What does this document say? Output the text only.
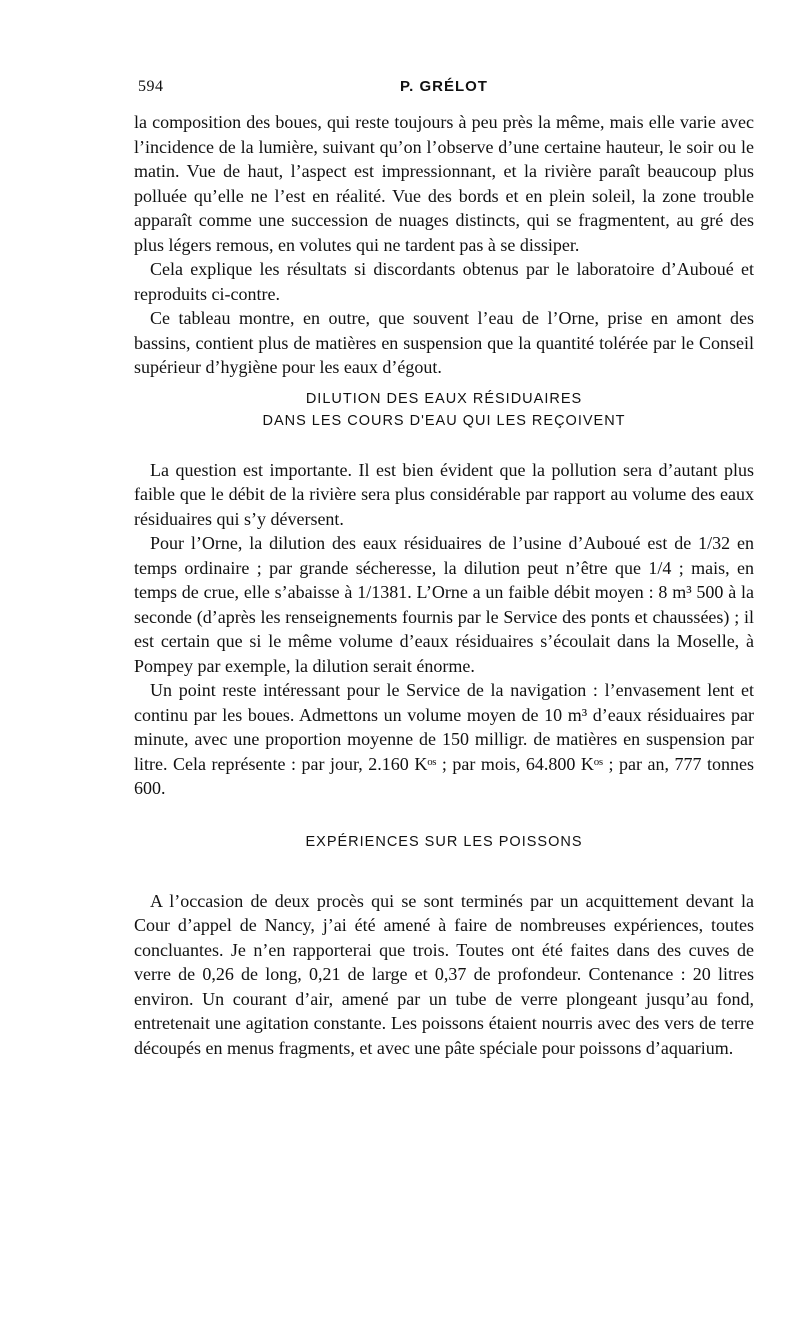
594	P. GRÉLOT

la composition des boues, qui reste toujours à peu près la même, mais elle varie avec l’incidence de la lumière, suivant qu’on l’observe d’une certaine hauteur, le soir ou le matin. Vue de haut, l’aspect est impressionnant, et la rivière paraît beaucoup plus polluée qu’elle ne l’est en réalité. Vue des bords et en plein soleil, la zone trouble apparaît comme une succession de nuages distincts, qui se fragmentent, au gré des plus légers remous, en volutes qui ne tardent pas à se dissiper.

Cela explique les résultats si discordants obtenus par le laboratoire d’Auboué et reproduits ci-contre.

Ce tableau montre, en outre, que souvent l’eau de l’Orne, prise en amont des bassins, contient plus de matières en suspension que la quantité tolérée par le Conseil supérieur d’hygiène pour les eaux d’égout.

DILUTION DES EAUX RÉSIDUAIRES
DANS LES COURS D'EAU QUI LES REÇOIVENT

La question est importante. Il est bien évident que la pollution sera d’autant plus faible que le débit de la rivière sera plus considérable par rapport au volume des eaux résiduaires qui s’y déversent.

Pour l’Orne, la dilution des eaux résiduaires de l’usine d’Auboué est de 1/32 en temps ordinaire ; par grande sécheresse, la dilution peut n’être que 1/4 ; mais, en temps de crue, elle s’abaisse à 1/1381. L’Orne a un faible débit moyen : 8 m³ 500 à la seconde (d’après les renseignements fournis par le Service des ponts et chaussées) ; il est certain que si le même volume d’eaux résiduaires s’écoulait dans la Moselle, à Pompey par exemple, la dilution serait énorme.

Un point reste intéressant pour le Service de la navigation : l’envasement lent et continu par les boues. Admettons un volume moyen de 10 m³ d’eaux résiduaires par minute, avec une proportion moyenne de 150 milligr. de matières en suspension par litre. Cela représente : par jour, 2.160 Kᵒˢ ; par mois, 64.800 Kᵒˢ ; par an, 777 tonnes 600.

EXPÉRIENCES SUR LES POISSONS

A l’occasion de deux procès qui se sont terminés par un acquittement devant la Cour d’appel de Nancy, j’ai été amené à faire de nombreuses expériences, toutes concluantes. Je n’en rapporterai que trois. Toutes ont été faites dans des cuves de verre de 0,26 de long, 0,21 de large et 0,37 de profondeur. Contenance : 20 litres environ. Un courant d’air, amené par un tube de verre plongeant jusqu’au fond, entretenait une agitation constante. Les poissons étaient nourris avec des vers de terre découpés en menus fragments, et avec une pâte spéciale pour poissons d’aquarium.
